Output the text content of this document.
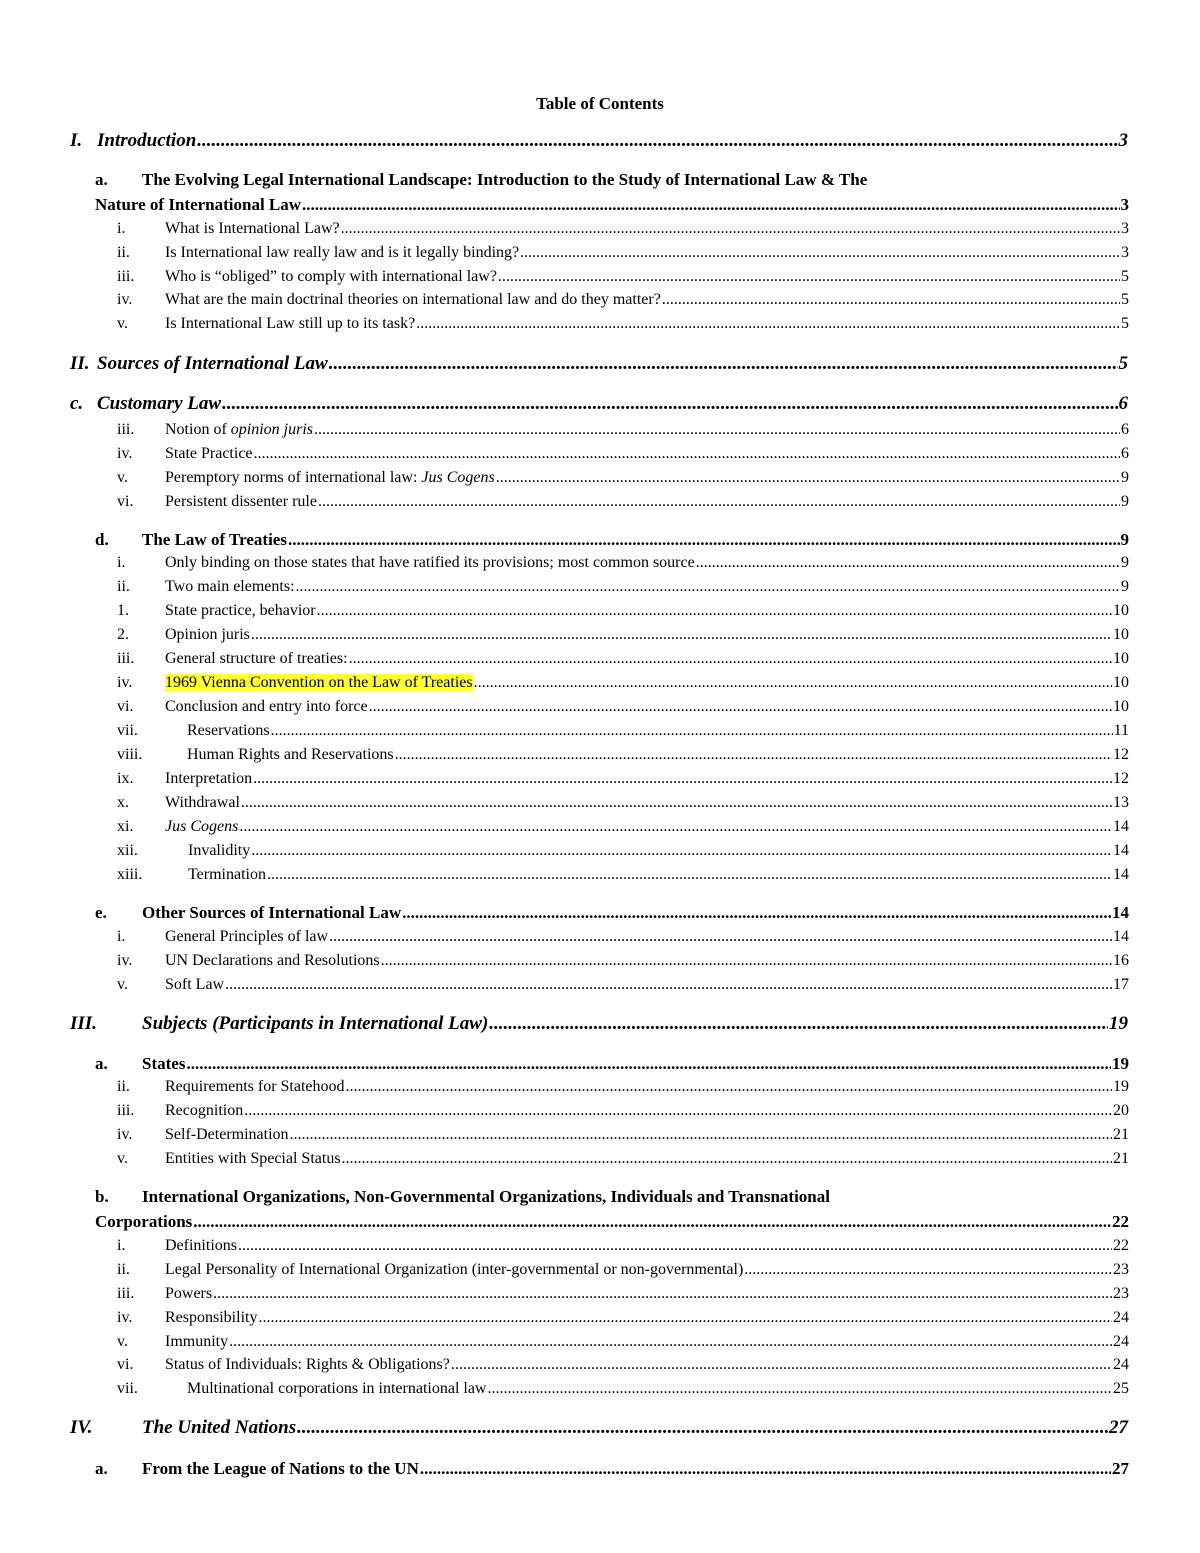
Table of Contents
I. Introduction .....	3
a. The Evolving Legal International Landscape: Introduction to the Study of International Law & The
Nature of International Law .....	3
i.	What is International Law? .....	3
ii.	Is International law really law and is it legally binding? .....	3
iii.	Who is “obliged” to comply with international law? .....	5
iv.	What are the main doctrinal theories on international law and do they matter? .....	5
v.	Is International Law still up to its task? .....	5
II. Sources of International Law .....	5
c. Customary Law .....	6
iii.	Notion of opinion juris .....	6
iv.	State Practice .....	6
v.	Peremptory norms of international law: Jus Cogens .....	9
vi.	Persistent dissenter rule .....	9
d.	The Law of Treaties .....	9
i.	Only binding on those states that have ratified its provisions; most common source .....	9
ii.	Two main elements: .....	9
1.	State practice, behavior .....	10
2.	Opinion juris .....	10
iii.	General structure of treaties: .....	10
iv.	1969 Vienna Convention on the Law of Treaties .....	10
vi.	Conclusion and entry into force .....	10
vii.	Reservations .....	11
viii.	Human Rights and Reservations .....	12
ix.	Interpretation .....	12
x.	Withdrawal .....	13
xi.	Jus Cogens .....	14
xii.	Invalidity .....	14
xiii.	Termination .....	14
e.	Other Sources of International Law .....	14
i.	General Principles of law .....	14
iv.	UN Declarations and Resolutions .....	16
v.	Soft Law .....	17
III.	Subjects (Participants in International Law) .....	19
a.	States .....	19
ii.	Requirements for Statehood .....	19
iii.	Recognition .....	20
iv.	Self-Determination .....	21
v.	Entities with Special Status .....	21
b. International Organizations, Non-Governmental Organizations, Individuals and Transnational
Corporations .....	22
i.	Definitions .....	22
ii.	Legal Personality of International Organization (inter-governmental or non-governmental) .....	23
iii.	Powers .....	23
iv.	Responsibility .....	24
v.	Immunity .....	24
vi.	Status of Individuals: Rights & Obligations? .....	24
vii.	Multinational corporations in international law .....	25
IV.	The United Nations .....	27
a.	From the League of Nations to the UN .....	27
